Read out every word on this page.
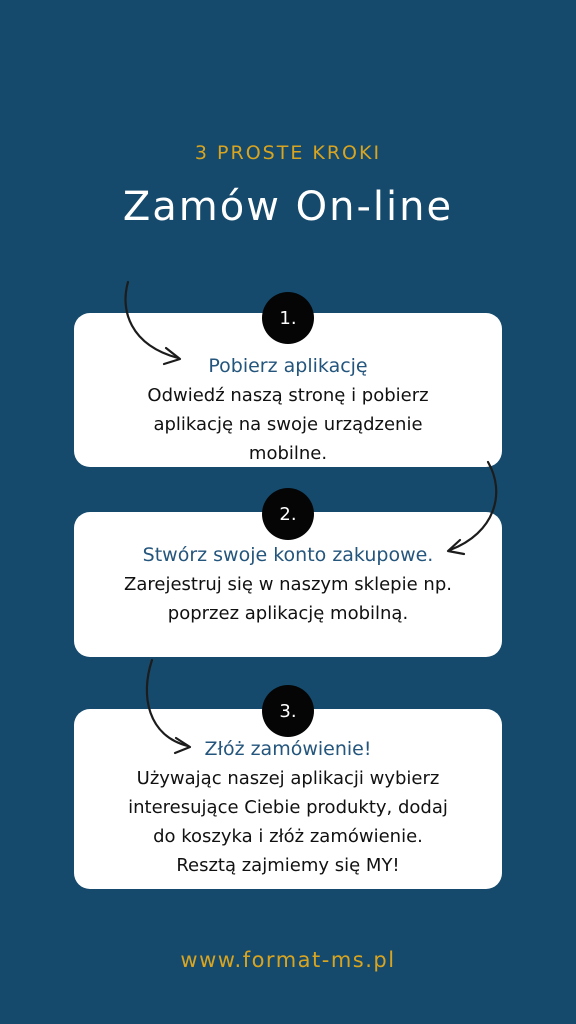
3 PROSTE KROKI
Zamów On-line
Pobierz aplikację
Odwiedź naszą stronę i pobierz
aplikację na swoje urządzenie
mobilne.
1.
Stwórz swoje konto zakupowe.
Zarejestruj się w naszym sklepie np.
poprzez aplikację mobilną.
2.
Złóż zamówienie!
Używając naszej aplikacji wybierz
interesujące Ciebie produkty, dodaj
do koszyka i złóż zamówienie.
Resztą zajmiemy się MY!
3.
www.format-ms.pl
